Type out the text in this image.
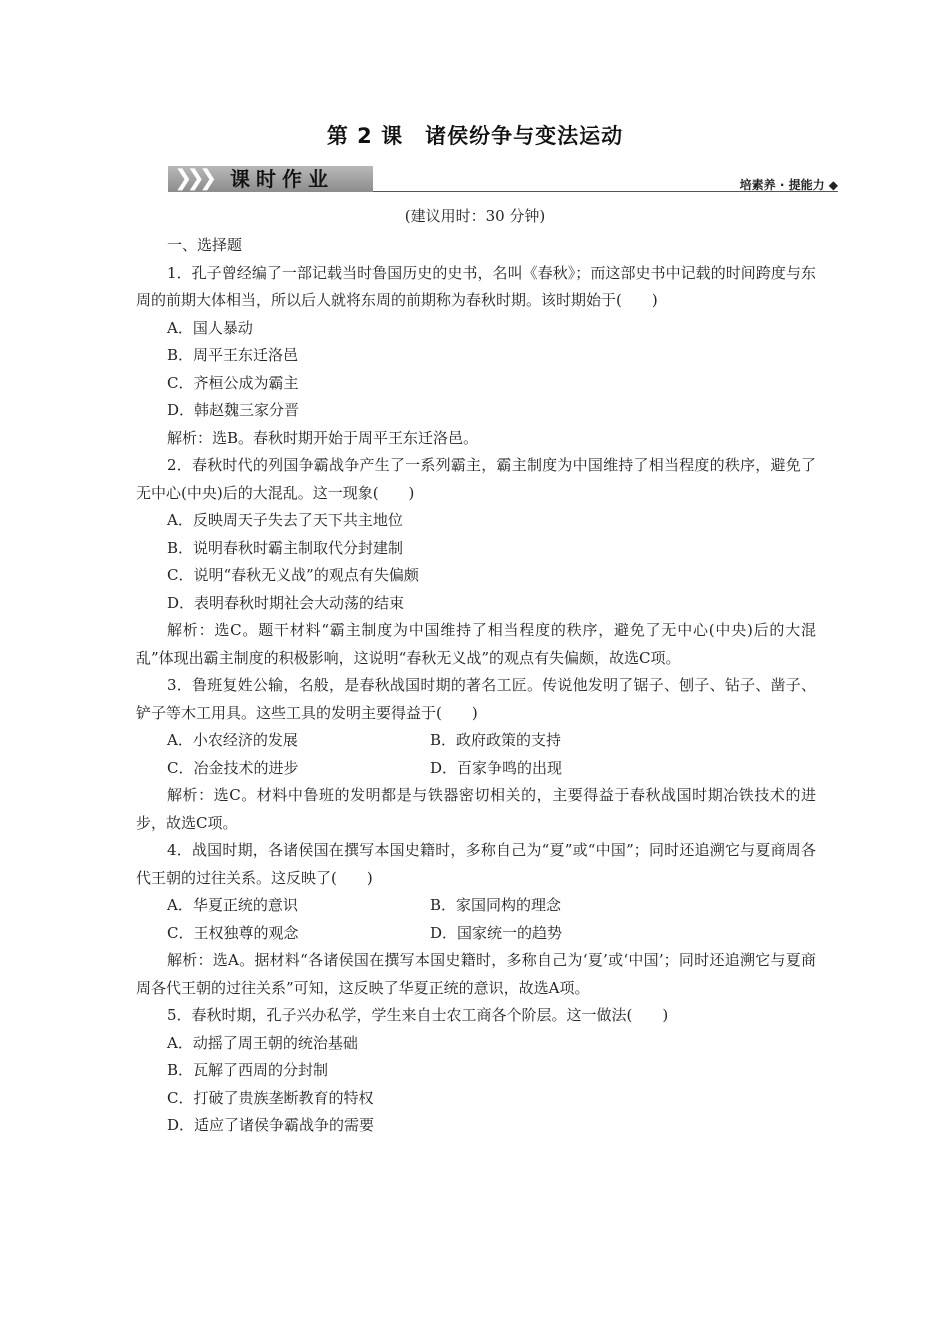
第 2 课　诸侯纷争与变法运动
❯❯❯ 课时作业	培素养 · 提能力 ◆
(建议用时：30 分钟)
一、选择题
1．孔子曾经编了一部记载当时鲁国历史的史书，名叫《春秋》；而这部史书中记载的时间跨度与东周的前期大体相当，所以后人就将东周的前期称为春秋时期。该时期始于(　　)
A．国人暴动
B．周平王东迁洛邑
C．齐桓公成为霸主
D．韩赵魏三家分晋
解析：选B。春秋时期开始于周平王东迁洛邑。
2．春秋时代的列国争霸战争产生了一系列霸主，霸主制度为中国维持了相当程度的秩序，避免了无中心(中央)后的大混乱。这一现象(　　)
A．反映周天子失去了天下共主地位
B．说明春秋时霸主制取代分封建制
C．说明“春秋无义战”的观点有失偏颇
D．表明春秋时期社会大动荡的结束
解析：选C。题干材料“霸主制度为中国维持了相当程度的秩序，避免了无中心(中央)后的大混乱”体现出霸主制度的积极影响，这说明“春秋无义战”的观点有失偏颇，故选C项。
3．鲁班复姓公输，名般，是春秋战国时期的著名工匠。传说他发明了锯子、刨子、钻子、凿子、铲子等木工用具。这些工具的发明主要得益于(　　)
A．小农经济的发展	B．政府政策的支持
C．冶金技术的进步	D．百家争鸣的出现
解析：选C。材料中鲁班的发明都是与铁器密切相关的，主要得益于春秋战国时期冶铁技术的进步，故选C项。
4．战国时期，各诸侯国在撰写本国史籍时，多称自己为“夏”或“中国”；同时还追溯它与夏商周各代王朝的过往关系。这反映了(　　)
A．华夏正统的意识	B．家国同构的理念
C．王权独尊的观念	D．国家统一的趋势
解析：选A。据材料“各诸侯国在撰写本国史籍时，多称自己为‘夏’或‘中国’；同时还追溯它与夏商周各代王朝的过往关系”可知，这反映了华夏正统的意识，故选A项。
5．春秋时期，孔子兴办私学，学生来自士农工商各个阶层。这一做法(　　)
A．动摇了周王朝的统治基础
B．瓦解了西周的分封制
C．打破了贵族垄断教育的特权
D．适应了诸侯争霸战争的需要
